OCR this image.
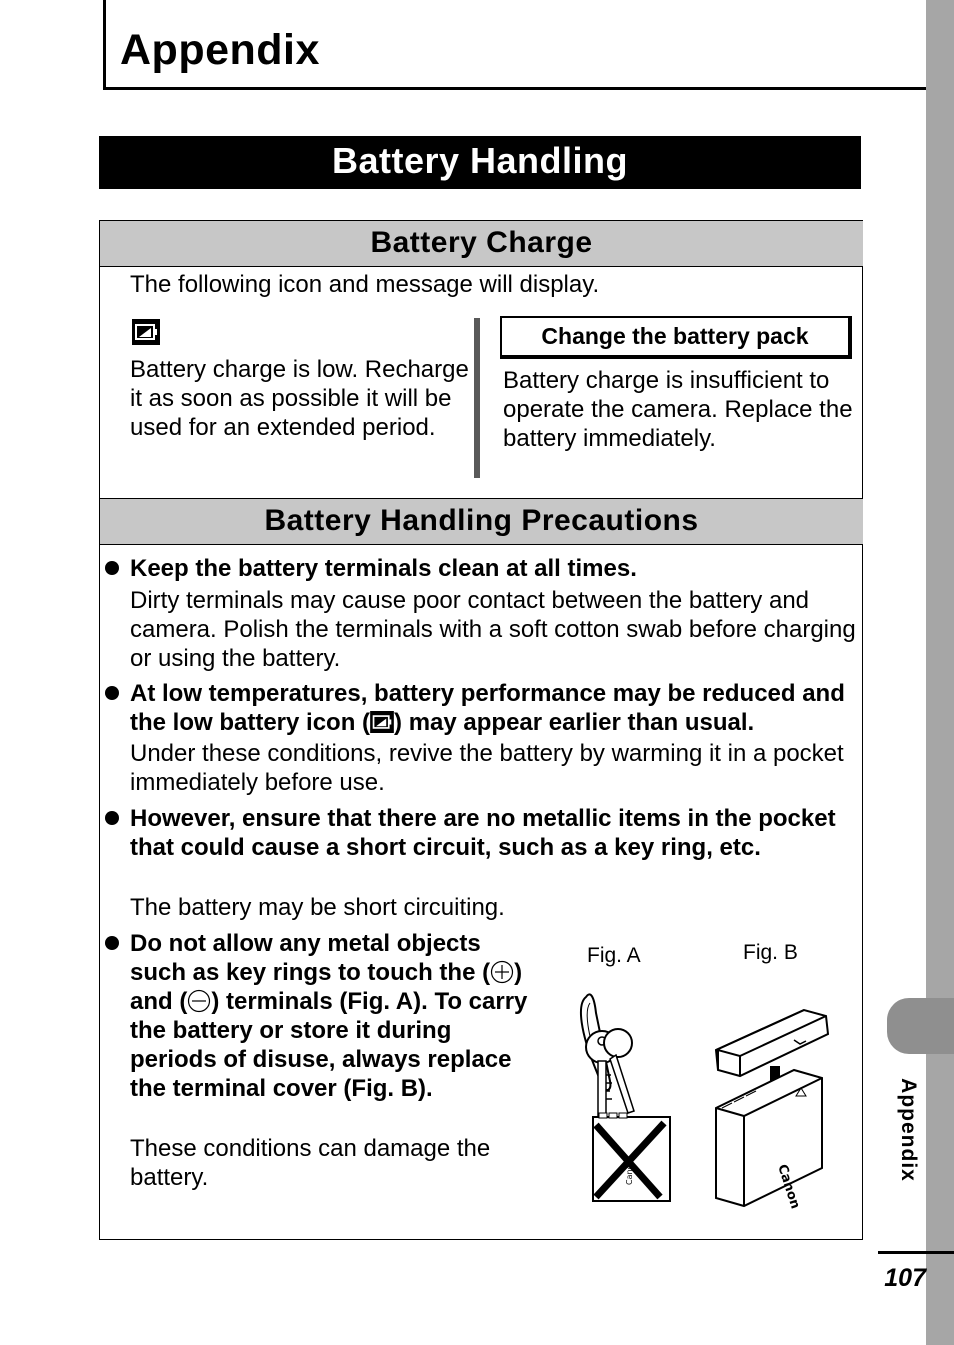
Appendix
Appendix
Battery Handling
Battery Charge
The following icon and message will display.
Battery charge is low. Recharge it as soon as possible it will be used for an extended period.
Change the battery pack
Battery charge is insufficient to operate the camera. Replace the battery immediately.
Battery Handling Precautions
Keep the battery terminals clean at all times.
Dirty terminals may cause poor contact between the battery and camera. Polish the terminals with a soft cotton swab before charging or using the battery.
At low temperatures, battery performance may be reduced and the low battery icon ( ) may appear earlier than usual.
Under these conditions, revive the battery by warming it in a pocket immediately before use.
However, ensure that there are no metallic items in the pocket that could cause a short circuit, such as a key ring, etc.
The battery may be short circuiting.
Do not allow any metal objects such as key rings to touch the ( ) and ( ) terminals (Fig. A). To carry the battery or store it during periods of disuse, always replace the terminal cover (Fig. B).
These conditions can damage the battery.
Fig. A	Fig. B
Canon	Canon
107
